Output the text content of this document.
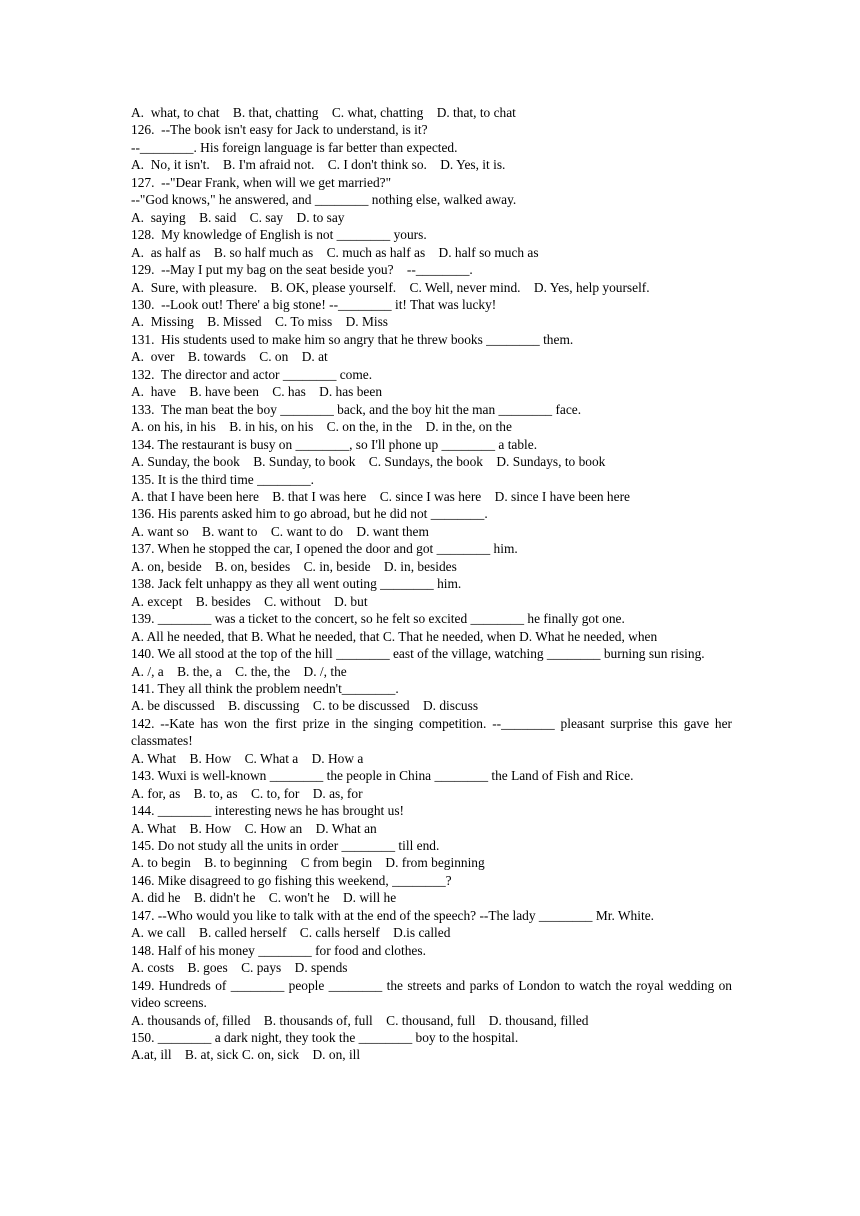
A.  what, to chat    B. that, chatting    C. what, chatting    D. that, to chat
126.  --The book isn't easy for Jack to understand, is it?
--________. His foreign language is far better than expected.
A.  No, it isn't.    B. I'm afraid not.    C. I don't think so.    D. Yes, it is.
127.  --"Dear Frank, when will we get married?"
--"God knows," he answered, and ________ nothing else, walked away.
A.  saying    B. said    C. say    D. to say
128.  My knowledge of English is not ________ yours.
A.  as half as    B. so half much as    C. much as half as    D. half so much as
129.  --May I put my bag on the seat beside you?    --________.
A.  Sure, with pleasure.    B. OK, please yourself.    C. Well, never mind.    D. Yes, help yourself.
130.  --Look out! There' a big stone! --________ it! That was lucky!
A.  Missing    B. Missed    C. To miss    D. Miss
131.  His students used to make him so angry that he threw books ________ them.
A.  over    B. towards    C. on    D. at
132.  The director and actor ________ come.
A.  have    B. have been    C. has    D. has been
133.  The man beat the boy ________ back, and the boy hit the man ________ face.
A. on his, in his    B. in his, on his    C. on the, in the    D. in the, on the
134. The restaurant is busy on ________, so I'll phone up ________ a table.
A. Sunday, the book    B. Sunday, to book    C. Sundays, the book    D. Sundays, to book
135. It is the third time ________.
A. that I have been here    B. that I was here    C. since I was here    D. since I have been here
136. His parents asked him to go abroad, but he did not ________.
A. want so    B. want to    C. want to do    D. want them
137. When he stopped the car, I opened the door and got ________ him.
A. on, beside    B. on, besides    C. in, beside    D. in, besides
138. Jack felt unhappy as they all went outing ________ him.
A. except    B. besides    C. without    D. but
139. ________ was a ticket to the concert, so he felt so excited ________ he finally got one.
A. All he needed, that B. What he needed, that C. That he needed, when D. What he needed, when
140. We all stood at the top of the hill ________ east of the village, watching ________ burning sun rising.
A. /, a    B. the, a    C. the, the    D. /, the
141. They all think the problem needn't________.
A. be discussed    B. discussing    C. to be discussed    D. discuss
142. --Kate has won the first prize in the singing competition. --________ pleasant surprise this gave her classmates!
A. What    B. How    C. What a    D. How a
143. Wuxi is well-known ________ the people in China ________ the Land of Fish and Rice.
A. for, as    B. to, as    C. to, for    D. as, for
144. ________ interesting news he has brought us!
A. What    B. How    C. How an    D. What an
145. Do not study all the units in order ________ till end.
A. to begin    B. to beginning    C from begin    D. from beginning
146. Mike disagreed to go fishing this weekend, ________?
A. did he    B. didn't he    C. won't he    D. will he
147. --Who would you like to talk with at the end of the speech? --The lady ________ Mr. White.
A. we call    B. called herself    C. calls herself    D.is called
148. Half of his money ________ for food and clothes.
A. costs    B. goes    C. pays    D. spends
149. Hundreds of ________ people ________ the streets and parks of London to watch the royal wedding on video screens.
A. thousands of, filled    B. thousands of, full    C. thousand, full    D. thousand, filled
150. ________ a dark night, they took the ________ boy to the hospital.
A.at, ill    B. at, sick C. on, sick    D. on, ill
